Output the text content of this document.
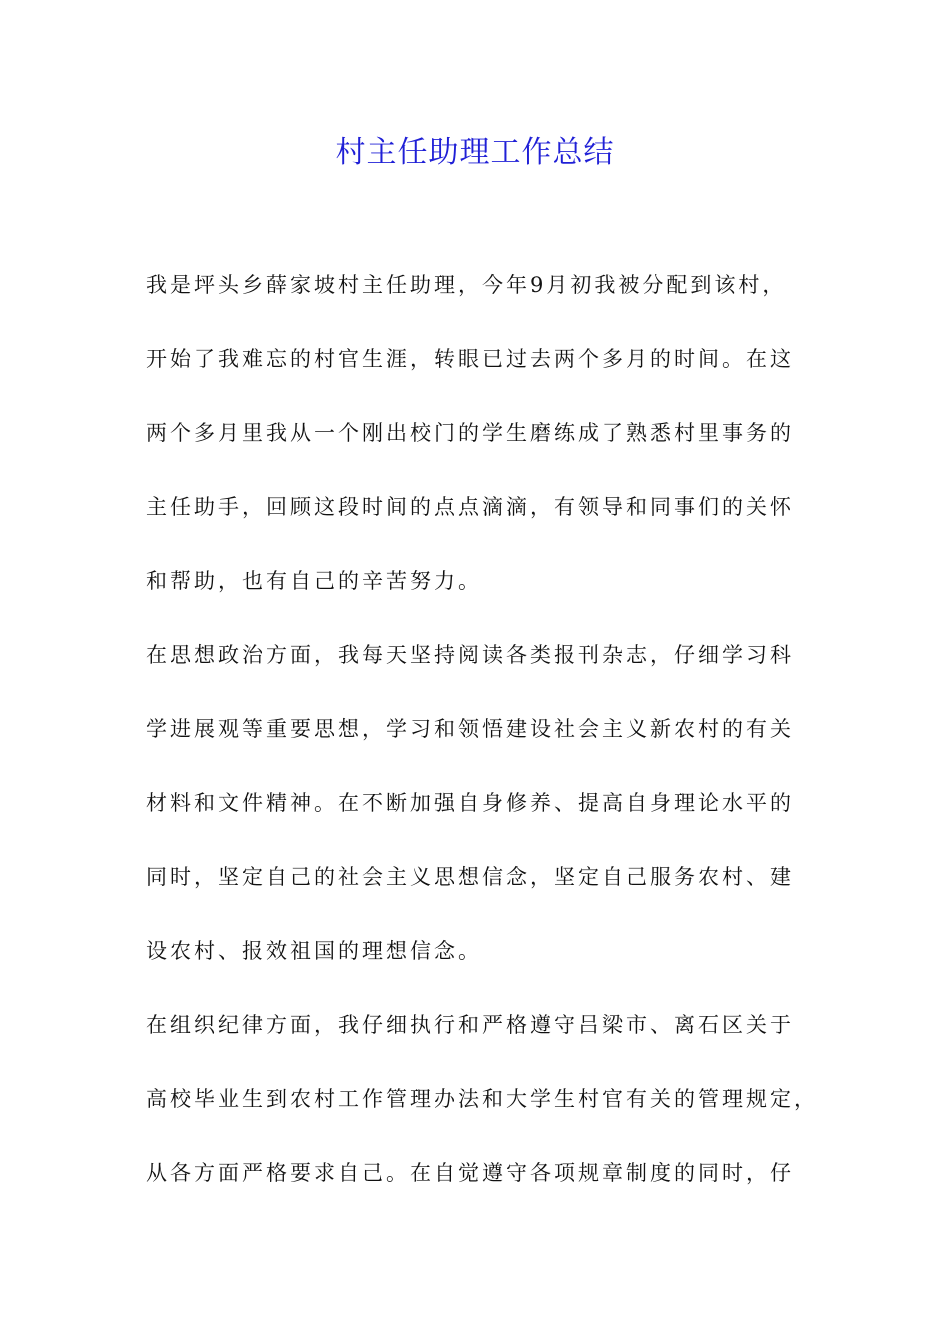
村主任助理工作总结
我是坪头乡薛家坡村主任助理，今年9月初我被分配到该村，
开始了我难忘的村官生涯，转眼已过去两个多月的时间。在这
两个多月里我从一个刚出校门的学生磨练成了熟悉村里事务的
主任助手，回顾这段时间的点点滴滴，有领导和同事们的关怀
和帮助，也有自己的辛苦努力。
在思想政治方面，我每天坚持阅读各类报刊杂志，仔细学习科
学进展观等重要思想，学习和领悟建设社会主义新农村的有关
材料和文件精神。在不断加强自身修养、提高自身理论水平的
同时，坚定自己的社会主义思想信念，坚定自己服务农村、建
设农村、报效祖国的理想信念。
在组织纪律方面，我仔细执行和严格遵守吕梁市、离石区关于
高校毕业生到农村工作管理办法和大学生村官有关的管理规定，
从各方面严格要求自己。在自觉遵守各项规章制度的同时，仔
